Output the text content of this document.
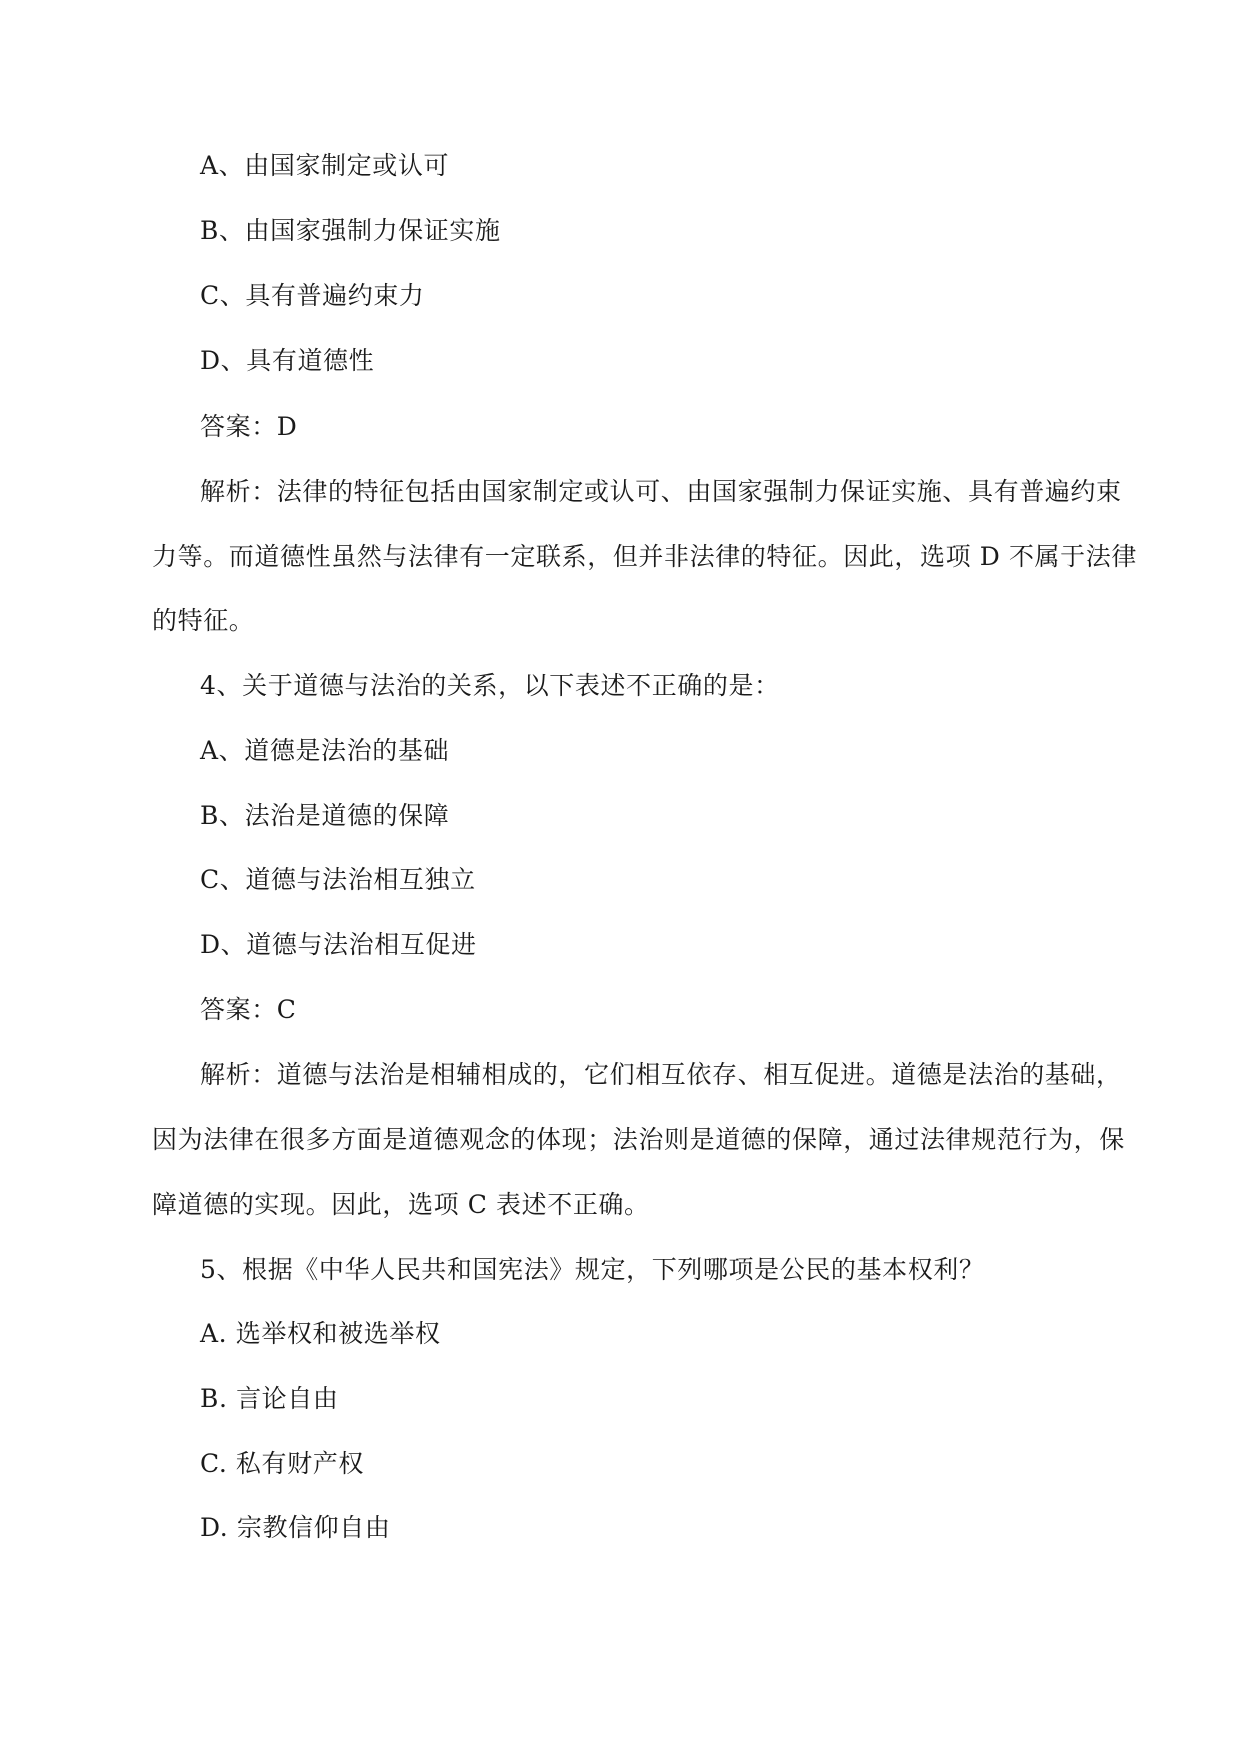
A、由国家制定或认可
B、由国家强制力保证实施
C、具有普遍约束力
D、具有道德性
答案：D
解析：法律的特征包括由国家制定或认可、由国家强制力保证实施、具有普遍约束
力等。而道德性虽然与法律有一定联系，但并非法律的特征。因此，选项 D 不属于法律
的特征。
4、关于道德与法治的关系，以下表述不正确的是：
A、道德是法治的基础
B、法治是道德的保障
C、道德与法治相互独立
D、道德与法治相互促进
答案：C
解析：道德与法治是相辅相成的，它们相互依存、相互促进。道德是法治的基础，
因为法律在很多方面是道德观念的体现；法治则是道德的保障，通过法律规范行为，保
障道德的实现。因此，选项 C 表述不正确。
5、根据《中华人民共和国宪法》规定，下列哪项是公民的基本权利？
A. 选举权和被选举权
B. 言论自由
C. 私有财产权
D. 宗教信仰自由
